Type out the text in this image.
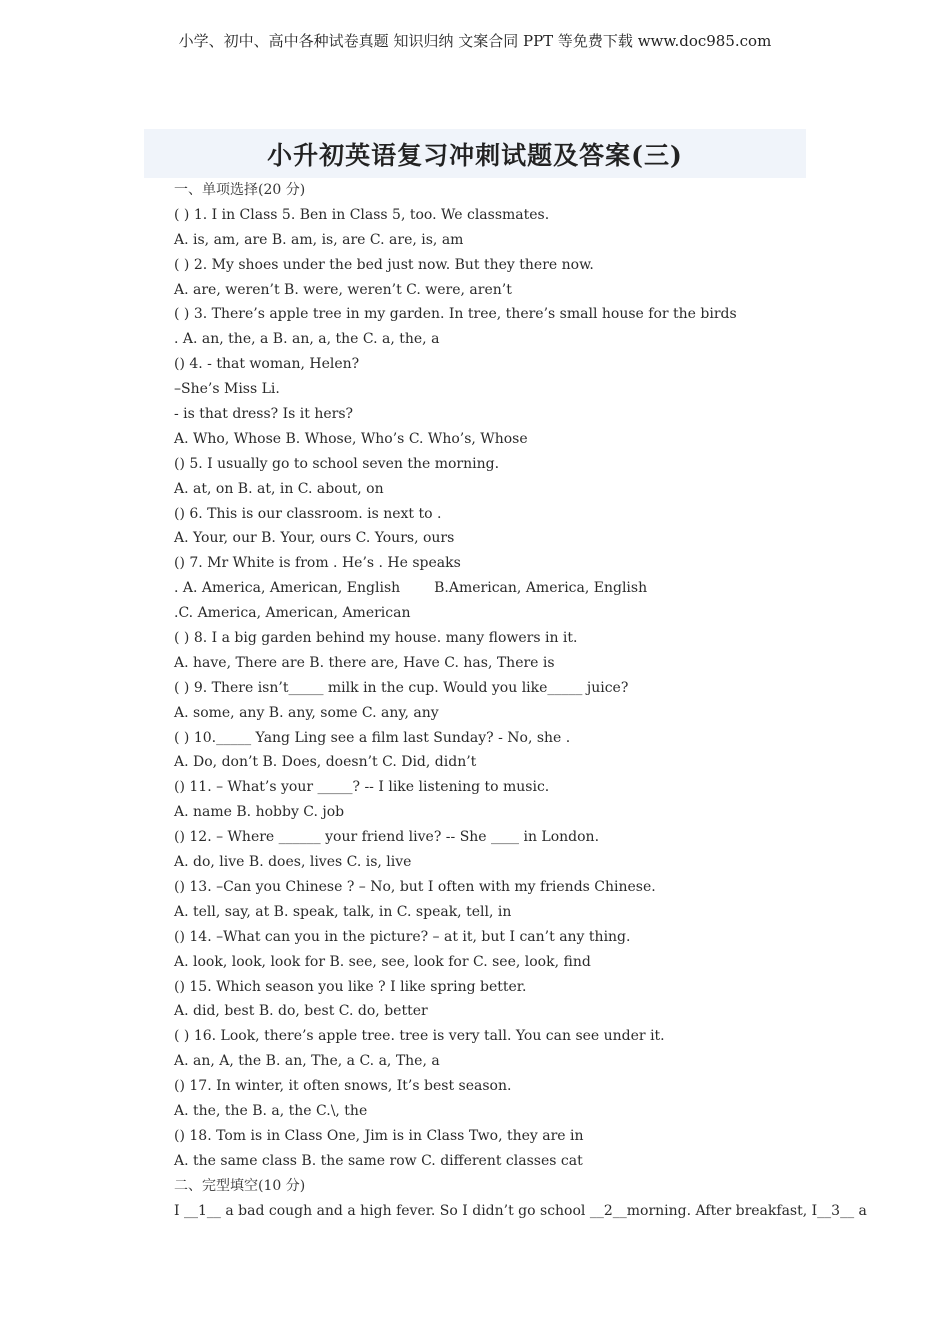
小学、初中、高中各种试卷真题 知识归纳 文案合同 PPT 等免费下载 www.doc985.com
小升初英语复习冲刺试题及答案(三)
一、单项选择(20 分)
( ) 1. I in Class 5. Ben in Class 5, too. We classmates.
A. is, am, are B. am, is, are C. are, is, am
( ) 2. My shoes under the bed just now. But they there now.
A. are, weren’t B. were, weren’t C. were, aren’t
( ) 3. There’s apple tree in my garden. In tree, there’s small house for the birds
. A. an, the, a B. an, a, the C. a, the, a
() 4. - that woman, Helen?
–She’s Miss Li.
- is that dress? Is it hers?
A. Who, Whose B. Whose, Who’s C. Who’s, Whose
() 5. I usually go to school seven the morning.
A. at, on B. at, in C. about, on
() 6. This is our classroom. is next to .
A. Your, our B. Your, ours C. Yours, ours
() 7. Mr White is from . He’s . He speaks
. A. America, American, English B.American, America, English
.C. America, American, American
( ) 8. I a big garden behind my house. many flowers in it.
A. have, There are B. there are, Have C. has, There is
( ) 9. There isn’t_____ milk in the cup. Would you like_____ juice?
A. some, any B. any, some C. any, any
( ) 10._____ Yang Ling see a film last Sunday? - No, she .
A. Do, don’t B. Does, doesn’t C. Did, didn’t
() 11. – What’s your _____? -- I like listening to music.
A. name B. hobby C. job
() 12. – Where ______ your friend live? -- She ____ in London.
A. do, live B. does, lives C. is, live
() 13. –Can you Chinese ? – No, but I often with my friends Chinese.
A. tell, say, at B. speak, talk, in C. speak, tell, in
() 14. –What can you in the picture? – at it, but I can’t any thing.
A. look, look, look for B. see, see, look for C. see, look, find
() 15. Which season you like ? I like spring better.
A. did, best B. do, best C. do, better
( ) 16. Look, there’s apple tree. tree is very tall. You can see under it.
A. an, A, the B. an, The, a C. a, The, a
() 17. In winter, it often snows, It’s best season.
A. the, the B. a, the C.\, the
() 18. Tom is in Class One, Jim is in Class Two, they are in
A. the same class B. the same row C. different classes cat
二、完型填空(10 分)
I __1__ a bad cough and a high fever. So I didn’t go school __2__morning. After breakfast, I__3__ a
